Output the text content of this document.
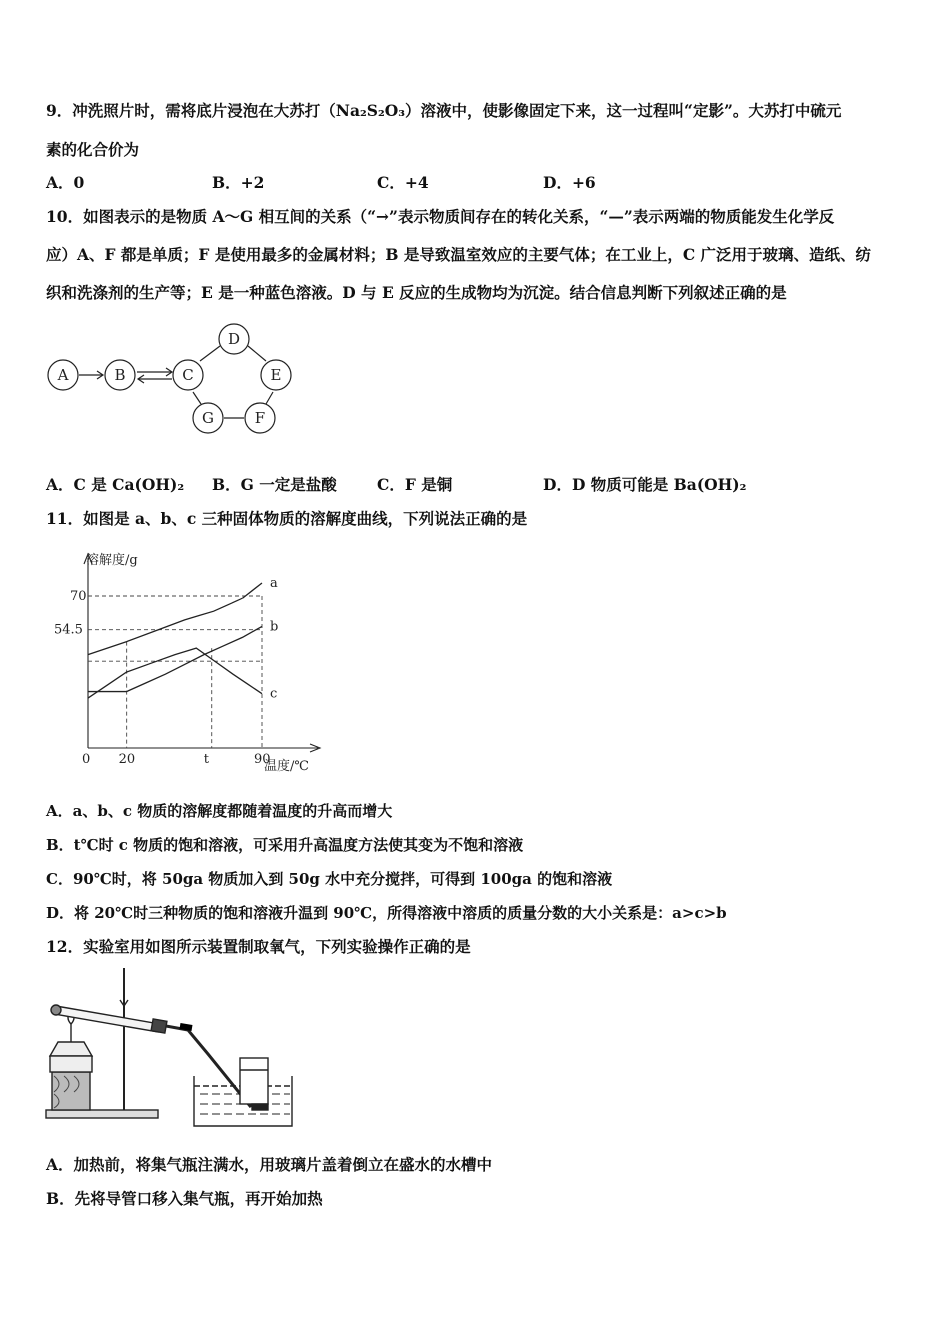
9．冲洗照片时，需将底片浸泡在大苏打（Na₂S₂O₃）溶液中，使影像固定下来，这一过程叫“定影”。大苏打中硫元
素的化合价为
A．0	B．+2	C．+4	D．+6
10．如图表示的是物质 A～G 相互间的关系（“→”表示物质间存在的转化关系，“—”表示两端的物质能发生化学反
应）A、F 都是单质；F 是使用最多的金属材料；B 是导致温室效应的主要气体；在工业上，C 广泛用于玻璃、造纸、纺
织和洗涤剂的生产等；E 是一种蓝色溶液。D 与 E 反应的生成物均为沉淀。结合信息判断下列叙述正确的是
A	B	C
D
E
F
G
A．C 是 Ca(OH)₂ B．G 一定是盐酸	C．F 是铜	D．D 物质可能是 Ba(OH)₂
11．如图是 a、b、c 三种固体物质的溶解度曲线，下列说法正确的是
溶解度/g
温度/℃
a
b
c
0 20	t	90
54.5
70
A．a、b、c 物质的溶解度都随着温度的升高而增大
B．t℃时 c 物质的饱和溶液，可采用升高温度方法使其变为不饱和溶液
C．90℃时，将 50ga 物质加入到 50g 水中充分搅拌，可得到 100ga 的饱和溶液
D．将 20℃时三种物质的饱和溶液升温到 90℃，所得溶液中溶质的质量分数的大小关系是：a>c>b
12．实验室用如图所示装置制取氧气，下列实验操作正确的是
A．加热前，将集气瓶注满水，用玻璃片盖着倒立在盛水的水槽中
B．先将导管口移入集气瓶，再开始加热
